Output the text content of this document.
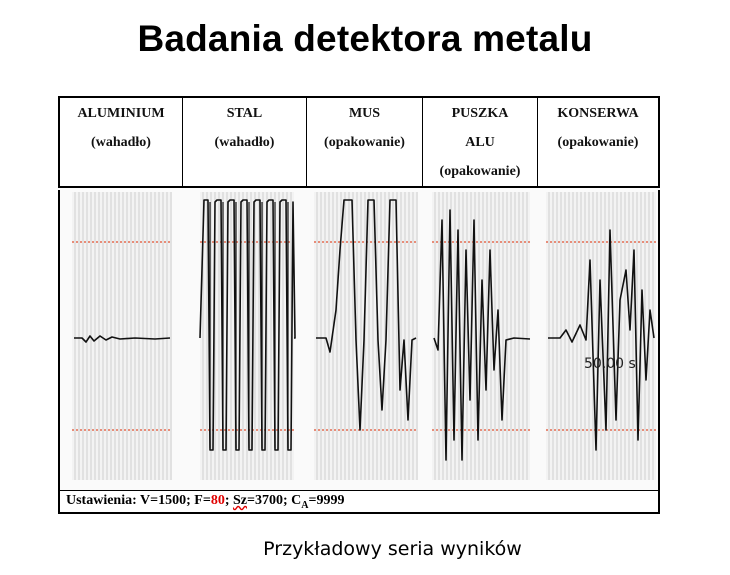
Badania detektora metalu
ALUMINIUM
(wahadło)
STAL
(wahadło)
MUS
(opakowanie)
PUSZKA
ALU
(opakowanie)
KONSERWA
(opakowanie)
50.00 s
Ustawienia: V=1500; F=80; Sz=3700; $C_A=9999$
Przykładowy seria wyników
